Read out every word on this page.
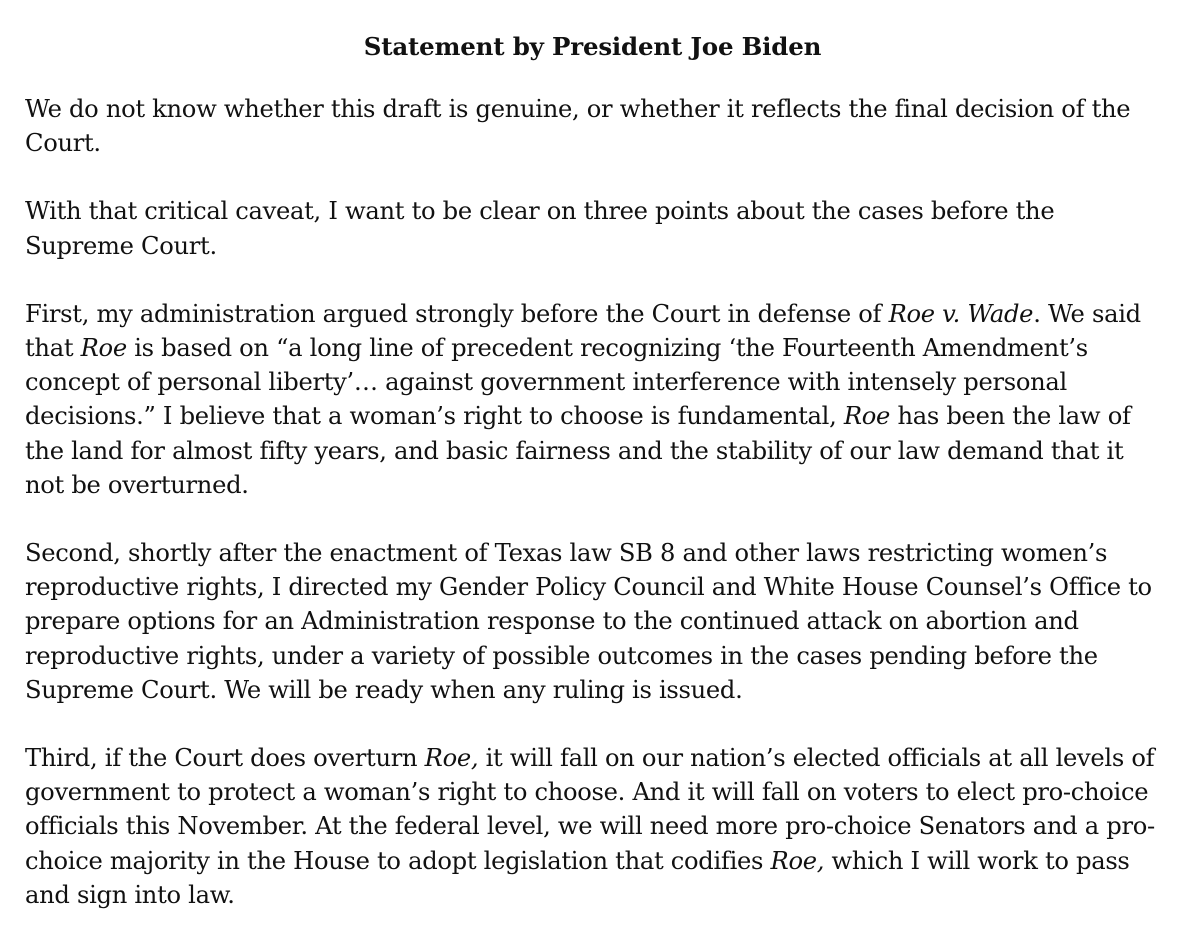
Statement by President Joe Biden

We do not know whether this draft is genuine, or whether it reflects the final decision of the Court.

With that critical caveat, I want to be clear on three points about the cases before the Supreme Court.

First, my administration argued strongly before the Court in defense of Roe v. Wade. We said that Roe is based on “a long line of precedent recognizing ‘the Fourteenth Amendment’s concept of personal liberty’… against government interference with intensely personal decisions.” I believe that a woman’s right to choose is fundamental, Roe has been the law of the land for almost fifty years, and basic fairness and the stability of our law demand that it not be overturned.

Second, shortly after the enactment of Texas law SB 8 and other laws restricting women’s reproductive rights, I directed my Gender Policy Council and White House Counsel’s Office to prepare options for an Administration response to the continued attack on abortion and reproductive rights, under a variety of possible outcomes in the cases pending before the Supreme Court. We will be ready when any ruling is issued.

Third, if the Court does overturn Roe, it will fall on our nation’s elected officials at all levels of government to protect a woman’s right to choose. And it will fall on voters to elect pro-choice officials this November. At the federal level, we will need more pro-choice Senators and a pro-choice majority in the House to adopt legislation that codifies Roe, which I will work to pass and sign into law.
